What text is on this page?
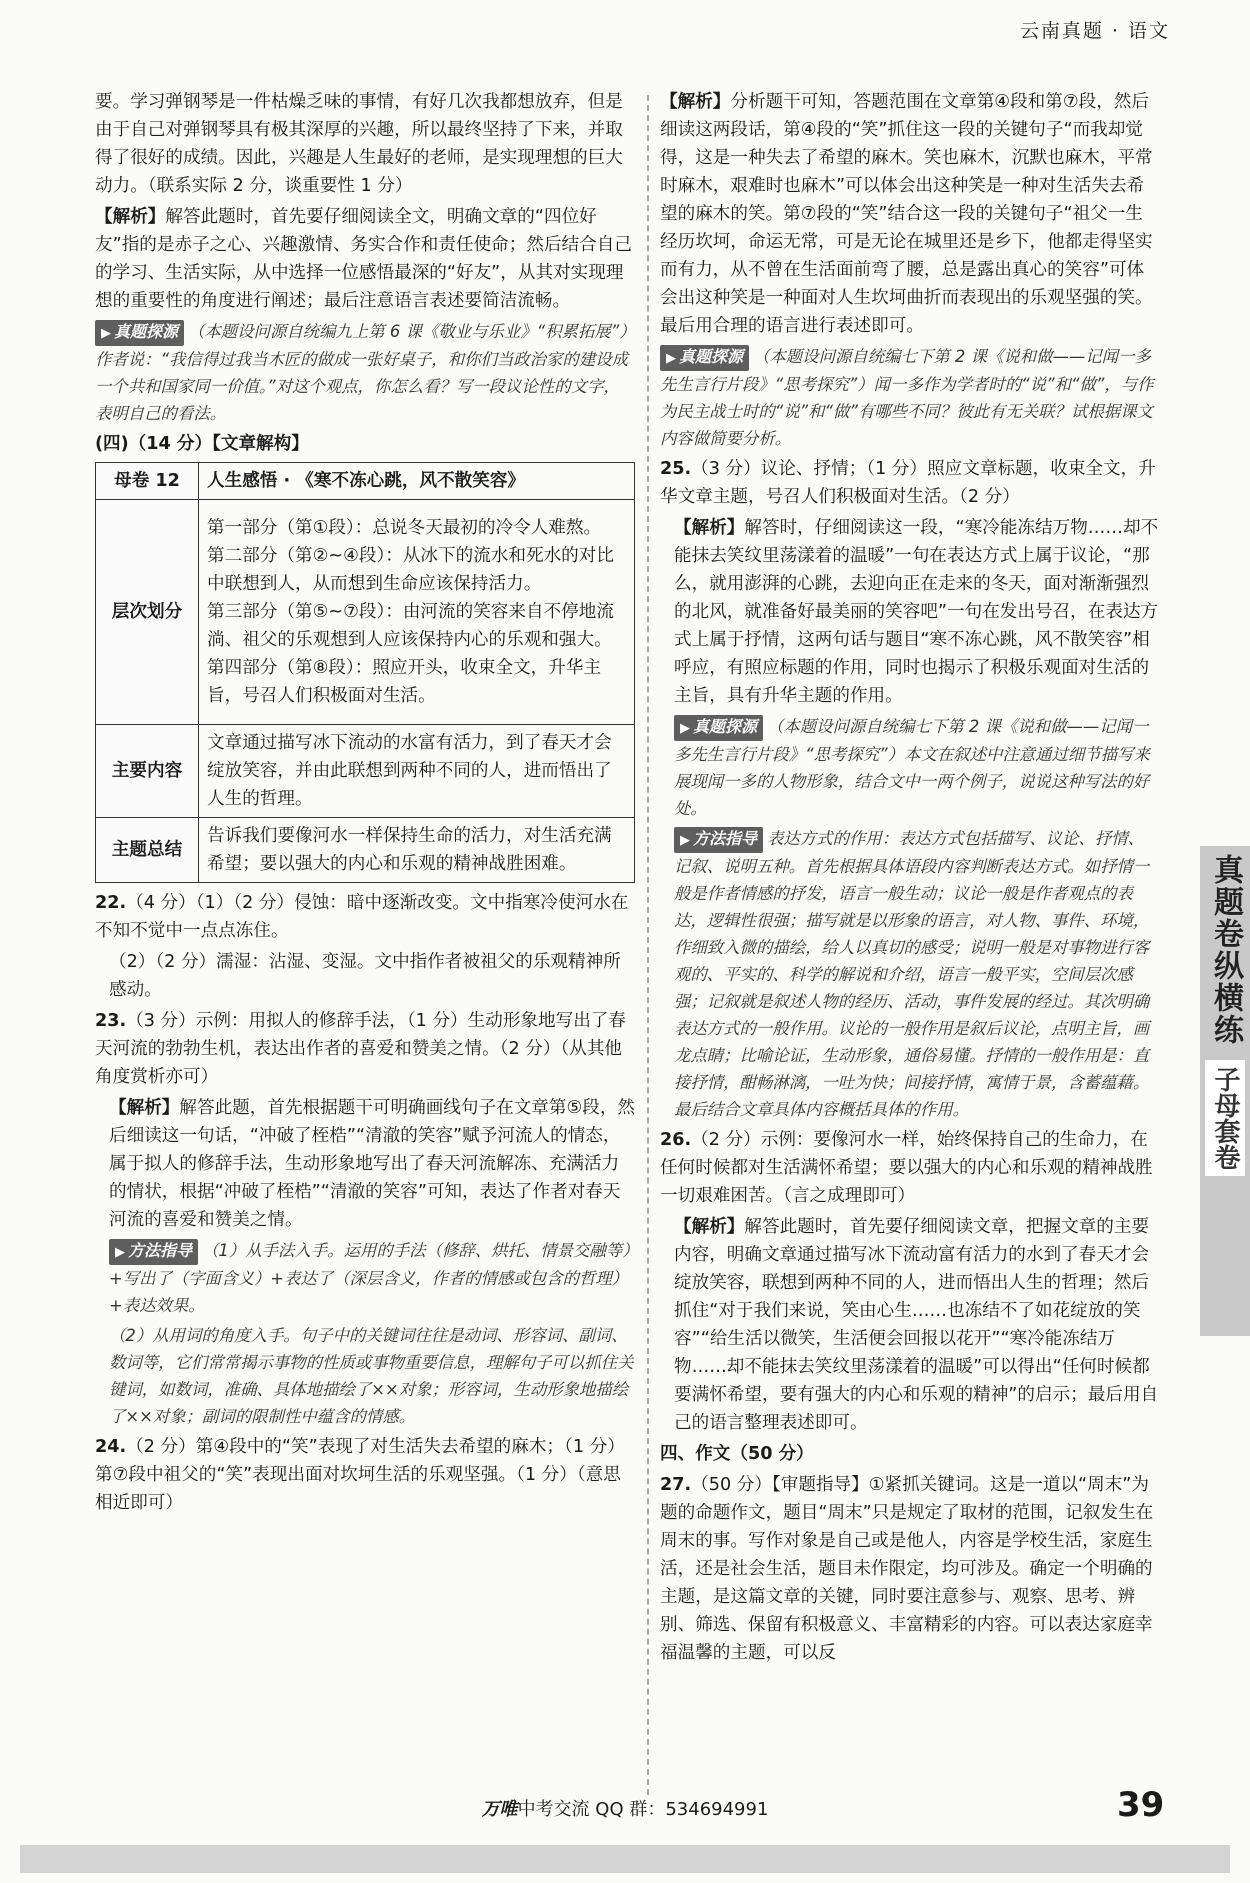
云南真题 · 语文

要。学习弹钢琴是一件枯燥乏味的事情，有好几次我都想放弃，但是由于自己对弹钢琴具有极其深厚的兴趣，所以最终坚持了下来，并取得了很好的成绩。因此，兴趣是人生最好的老师，是实现理想的巨大动力。（联系实际 2 分，谈重要性 1 分）

【解析】解答此题时，首先要仔细阅读全文，明确文章的“四位好友”指的是赤子之心、兴趣激情、务实合作和责任使命；然后结合自己的学习、生活实际，从中选择一位感悟最深的“好友”，从其对实现理想的重要性的角度进行阐述；最后注意语言表述要简洁流畅。

▶ 真题探源 （本题设问源自统编九上第 6 课《敬业与乐业》“积累拓展”）作者说：“我信得过我当木匠的做成一张好桌子，和你们当政治家的建设成一个共和国家同一价值。”对这个观点，你怎么看？写一段议论性的文字，表明自己的看法。

(四)（14 分）【文章解构】

母卷 12	人生感悟 · 《寒不冻心跳，风不散笑容》
层次划分	第一部分（第①段）：总说冬天最初的冷令人难熬。
第二部分（第②~④段）：从冰下的流水和死水的对比中联想到人，从而想到生命应该保持活力。
第三部分（第⑤~⑦段）：由河流的笑容来自不停地流淌、祖父的乐观想到人应该保持内心的乐观和强大。
第四部分（第⑧段）：照应开头，收束全文，升华主旨，号召人们积极面对生活。

主要内容	文章通过描写冰下流动的水富有活力，到了春天才会绽放笑容，并由此联想到两种不同的人，进而悟出了人生的哲理。
主题总结	告诉我们要像河水一样保持生命的活力，对生活充满希望；要以强大的内心和乐观的精神战胜困难。

22.（4 分）（1）（2 分）侵蚀：暗中逐渐改变。文中指寒冷使河水在不知不觉中一点点冻住。

（2）（2 分）濡湿：沾湿、变湿。文中指作者被祖父的乐观精神所感动。

23.（3 分）示例：用拟人的修辞手法，（1 分）生动形象地写出了春天河流的勃勃生机，表达出作者的喜爱和赞美之情。（2 分）（从其他角度赏析亦可）

【解析】解答此题，首先根据题干可明确画线句子在文章第⑤段，然后细读这一句话，“冲破了桎梏”“清澈的笑容”赋予河流人的情态，属于拟人的修辞手法，生动形象地写出了春天河流解冻、充满活力的情状，根据“冲破了桎梏”“清澈的笑容”可知，表达了作者对春天河流的喜爱和赞美之情。

▶ 方法指导 （1）从手法入手。运用的手法（修辞、烘托、情景交融等）+写出了（字面含义）+表达了（深层含义，作者的情感或包含的哲理）+表达效果。

（2）从用词的角度入手。句子中的关键词往往是动词、形容词、副词、数词等，它们常常揭示事物的性质或事物重要信息，理解句子可以抓住关键词，如数词，准确、具体地描绘了××对象；形容词，生动形象地描绘了××对象；副词的限制性中蕴含的情感。

24.（2 分）第④段中的“笑”表现了对生活失去希望的麻木；（1 分）第⑦段中祖父的“笑”表现出面对坎坷生活的乐观坚强。（1 分）（意思相近即可）

【解析】分析题干可知，答题范围在文章第④段和第⑦段，然后细读这两段话，第④段的“笑”抓住这一段的关键句子“而我却觉得，这是一种失去了希望的麻木。笑也麻木，沉默也麻木，平常时麻木，艰难时也麻木”可以体会出这种笑是一种对生活失去希望的麻木的笑。第⑦段的“笑”结合这一段的关键句子“祖父一生经历坎坷，命运无常，可是无论在城里还是乡下，他都走得坚实而有力，从不曾在生活面前弯了腰，总是露出真心的笑容”可体会出这种笑是一种面对人生坎坷曲折而表现出的乐观坚强的笑。最后用合理的语言进行表述即可。

▶ 真题探源 （本题设问源自统编七下第 2 课《说和做——记闻一多先生言行片段》“思考探究”）闻一多作为学者时的“说”和“做”，与作为民主战士时的“说”和“做”有哪些不同？彼此有无关联？试根据课文内容做简要分析。

25.（3 分）议论、抒情；（1 分）照应文章标题，收束全文，升华文章主题，号召人们积极面对生活。（2 分）

【解析】解答时，仔细阅读这一段，“寒冷能冻结万物……却不能抹去笑纹里荡漾着的温暖”一句在表达方式上属于议论，“那么，就用澎湃的心跳，去迎向正在走来的冬天，面对渐渐强烈的北风，就准备好最美丽的笑容吧”一句在发出号召，在表达方式上属于抒情，这两句话与题目“寒不冻心跳，风不散笑容”相呼应，有照应标题的作用，同时也揭示了积极乐观面对生活的主旨，具有升华主题的作用。

▶ 真题探源 （本题设问源自统编七下第 2 课《说和做——记闻一多先生言行片段》“思考探究”）本文在叙述中注意通过细节描写来展现闻一多的人物形象，结合文中一两个例子，说说这种写法的好处。

▶ 方法指导 表达方式的作用：表达方式包括描写、议论、抒情、记叙、说明五种。首先根据具体语段内容判断表达方式。如抒情一般是作者情感的抒发，语言一般生动；议论一般是作者观点的表达，逻辑性很强；描写就是以形象的语言，对人物、事件、环境，作细致入微的描绘，给人以真切的感受；说明一般是对事物进行客观的、平实的、科学的解说和介绍，语言一般平实，空间层次感强；记叙就是叙述人物的经历、活动，事件发展的经过。其次明确表达方式的一般作用。议论的一般作用是叙后议论，点明主旨，画龙点睛；比喻论证，生动形象，通俗易懂。抒情的一般作用是：直接抒情，酣畅淋漓，一吐为快；间接抒情，寓情于景，含蓄蕴藉。最后结合文章具体内容概括具体的作用。

26.（2 分）示例：要像河水一样，始终保持自己的生命力，在任何时候都对生活满怀希望；要以强大的内心和乐观的精神战胜一切艰难困苦。（言之成理即可）

【解析】解答此题时，首先要仔细阅读文章，把握文章的主要内容，明确文章通过描写冰下流动富有活力的水到了春天才会绽放笑容，联想到两种不同的人，进而悟出人生的哲理；然后抓住“对于我们来说，笑由心生……也冻结不了如花绽放的笑容”“给生活以微笑，生活便会回报以花开”“寒冷能冻结万物……却不能抹去笑纹里荡漾着的温暖”可以得出“任何时候都要满怀希望，要有强大的内心和乐观的精神”的启示；最后用自己的语言整理表述即可。

四、作文（50 分）

27.（50 分）【审题指导】①紧抓关键词。这是一道以“周末”为题的命题作文，题目“周末”只是规定了取材的范围，记叙发生在周末的事。写作对象是自己或是他人，内容是学校生活，家庭生活，还是社会生活，题目未作限定，均可涉及。确定一个明确的主题，是这篇文章的关键，同时要注意参与、观察、思考、辨别、筛选、保留有积极意义、丰富精彩的内容。可以表达家庭幸福温馨的主题，可以反

真题卷纵横练
子母套卷
万唯中考交流 QQ 群：534694991	39
